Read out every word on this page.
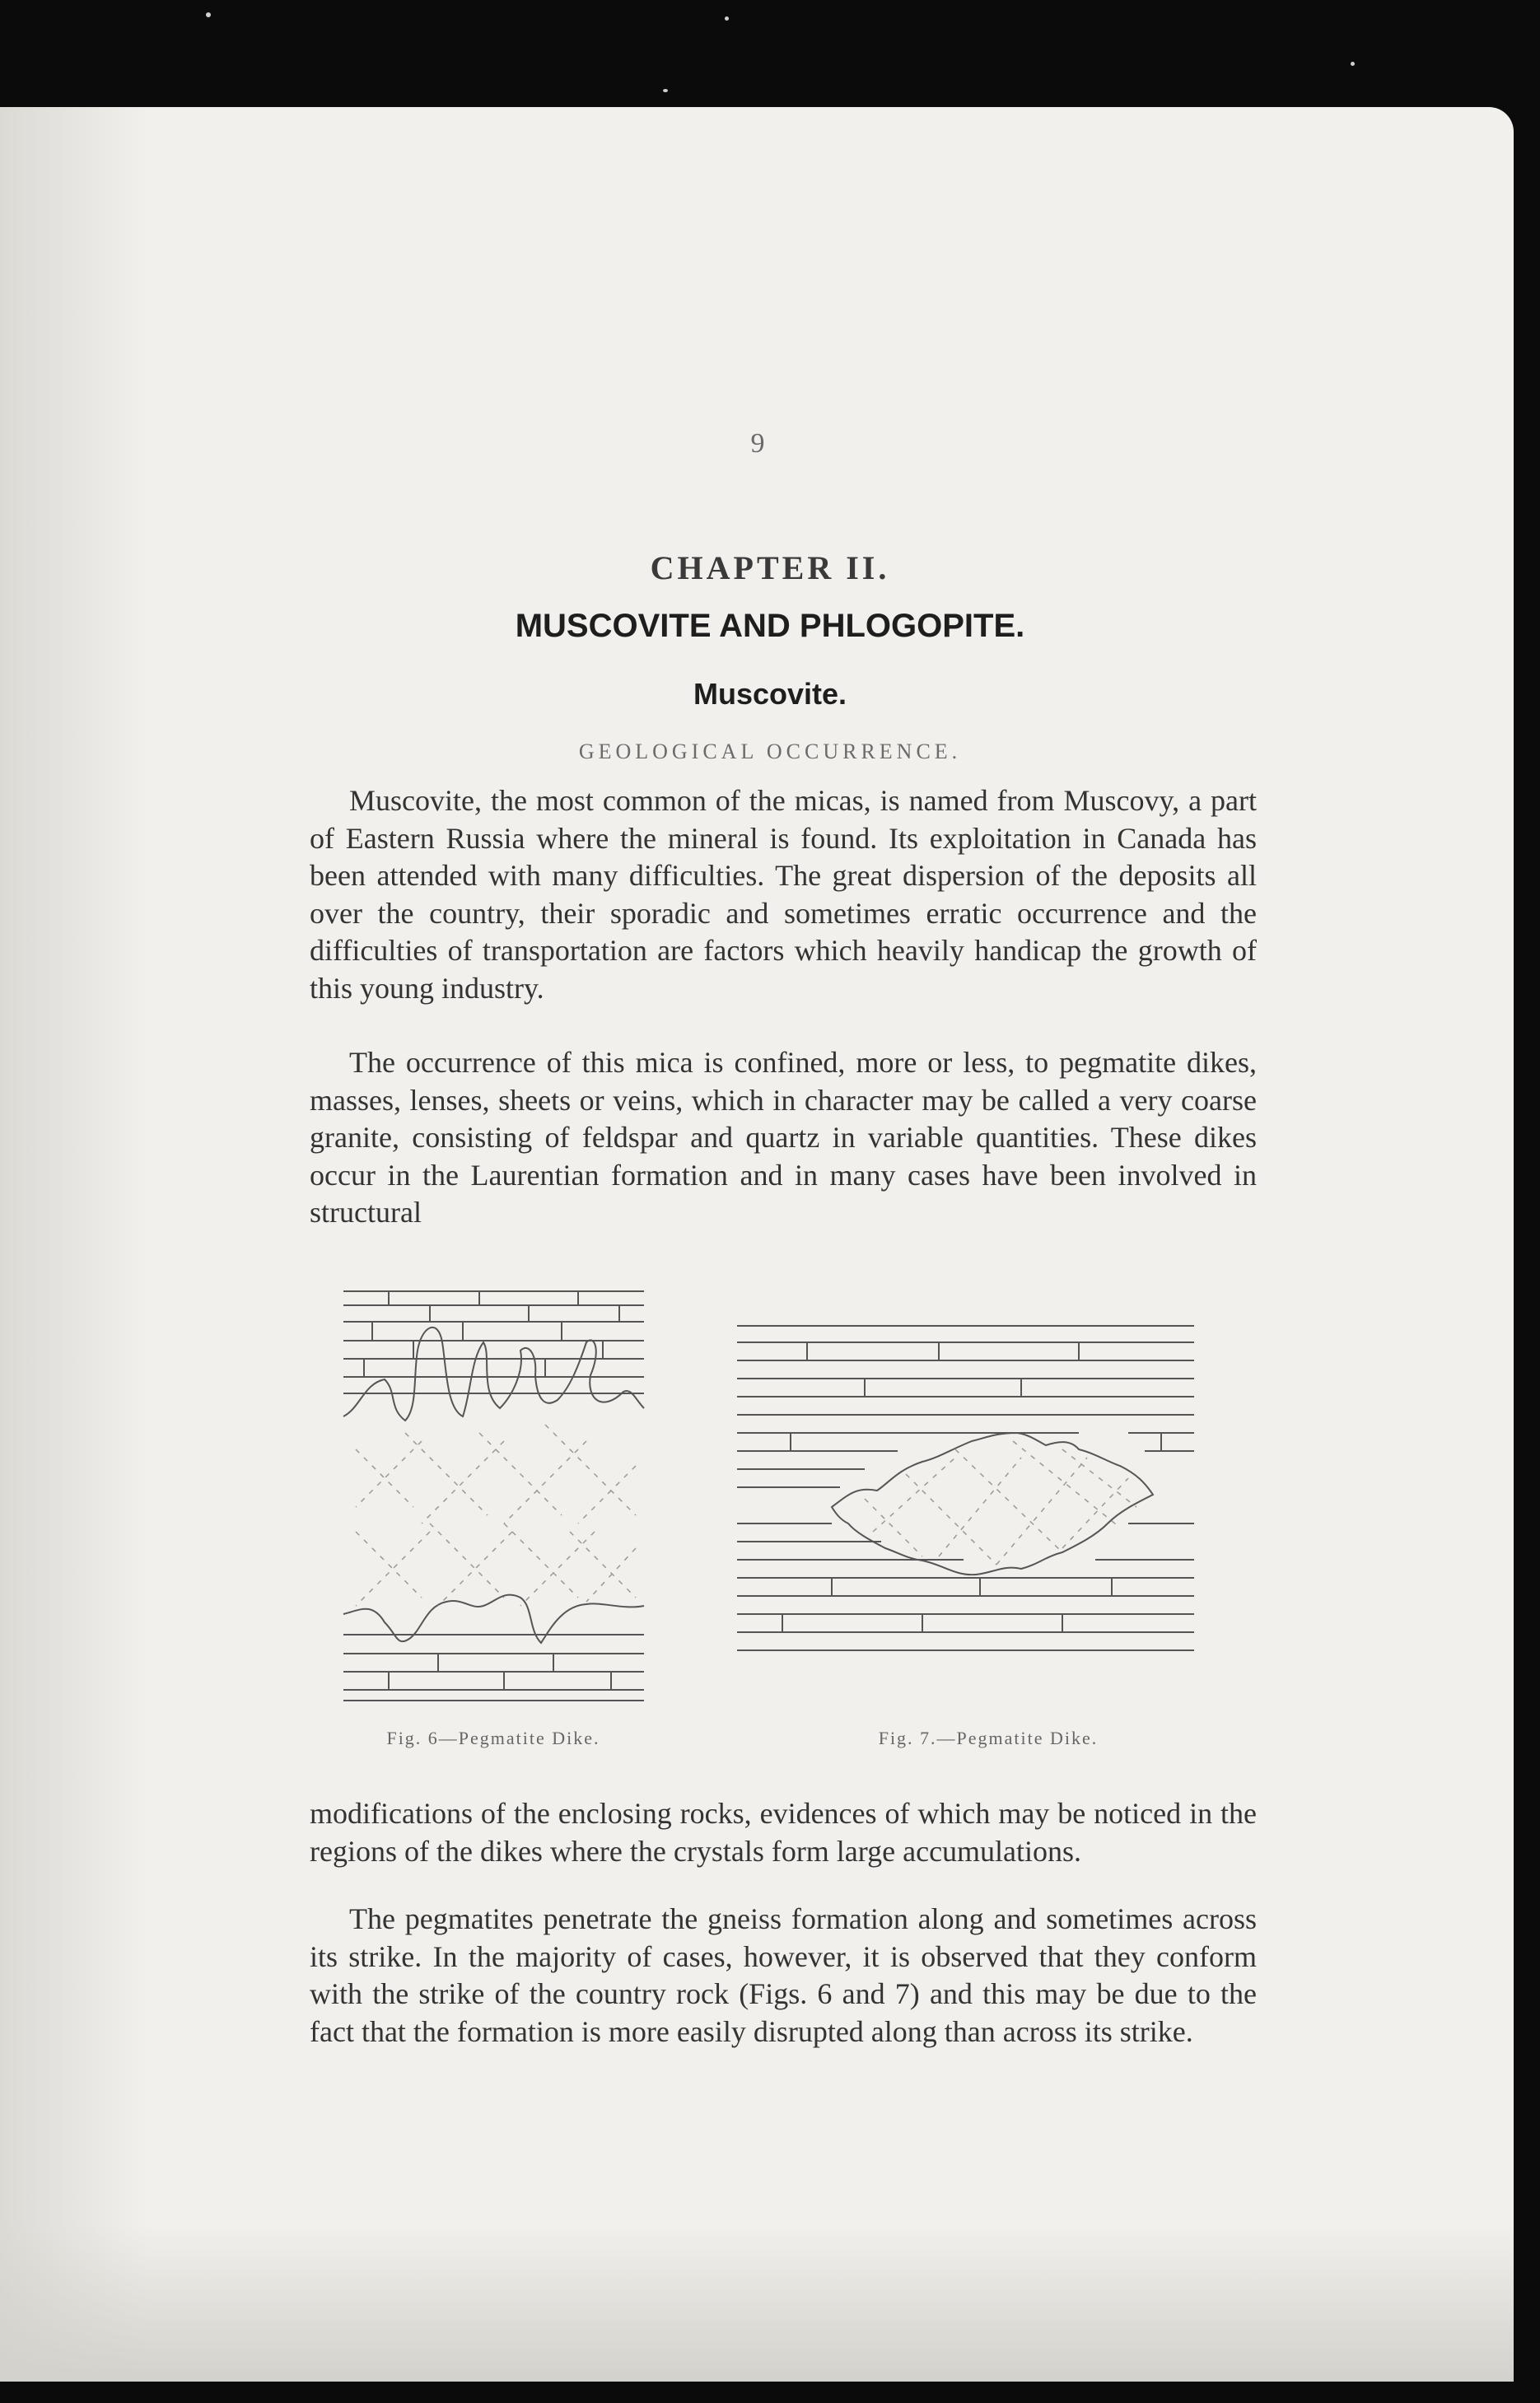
9

CHAPTER II.
MUSCOVITE AND PHLOGOPITE.
Muscovite.

GEOLOGICAL OCCURRENCE.

Muscovite, the most common of the micas, is named from Muscovy, a part of Eastern Russia where the mineral is found. Its exploitation in Canada has been attended with many difficulties. The great dispersion of the deposits all over the country, their sporadic and sometimes erratic occurrence and the difficulties of transportation are factors which heavily handicap the growth of this young industry.

The occurrence of this mica is confined, more or less, to pegmatite dikes, masses, lenses, sheets or veins, which in character may be called a very coarse granite, consisting of feldspar and quartz in variable quantities. These dikes occur in the Laurentian formation and in many cases have been involved in structural

Fig. 6—Pegmatite Dike.	Fig. 7.—Pegmatite Dike.

modifications of the enclosing rocks, evidences of which may be noticed in the regions of the dikes where the crystals form large accumulations.

The pegmatites penetrate the gneiss formation along and sometimes across its strike. In the majority of cases, however, it is observed that they conform with the strike of the country rock (Figs. 6 and 7) and this may be due to the fact that the formation is more easily disrupted along than across its strike.
